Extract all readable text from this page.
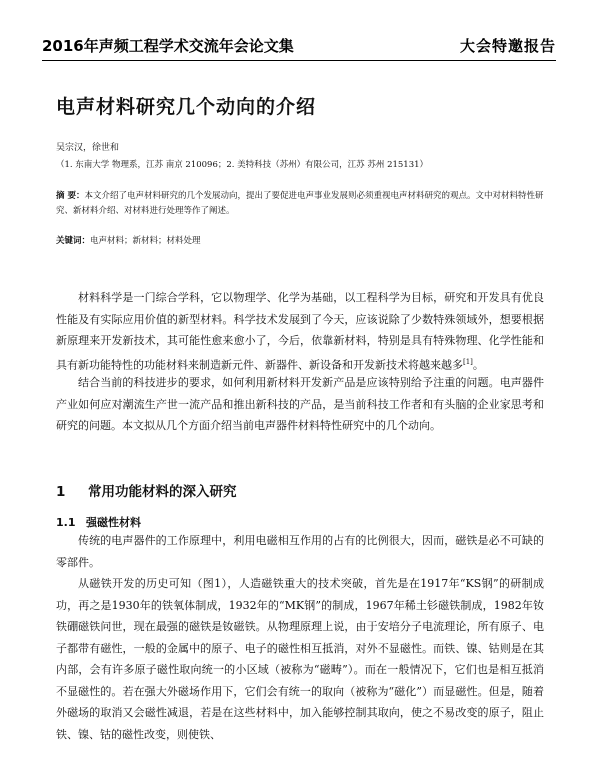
2016年声频工程学术交流年会论文集	大会特邀报告
电声材料研究几个动向的介绍
吴宗汉，徐世和
（1. 东南大学 物理系，江苏 南京 210096；2. 美特科技（苏州）有限公司，江苏 苏州 215131）
摘 要：本文介绍了电声材料研究的几个发展动向，提出了要促进电声事业发展则必须重视电声材料研究的观点。文中对材料特性研究、新材料介绍、对材料进行处理等作了阐述。
关键词：电声材料；新材料；材料处理

材料科学是一门综合学科，它以物理学、化学为基础，以工程科学为目标，研究和开发具有优良性能及有实际应用价值的新型材料。科学技术发展到了今天，应该说除了少数特殊领域外，想要根据新原理来开发新技术，其可能性愈来愈小了，今后，依靠新材料，特别是具有特殊物理、化学性能和具有新功能特性的功能材料来制造新元件、新器件、新设备和开发新技术将越来越多[1]。

结合当前的科技进步的要求，如何利用新材料开发新产品是应该特别给予注重的问题。电声器件产业如何应对潮流生产世一流产品和推出新科技的产品，是当前科技工作者和有头脑的企业家思考和研究的问题。本文拟从几个方面介绍当前电声器件材料特性研究中的几个动向。

1 常用功能材料的深入研究
1.1 强磁性材料

传统的电声器件的工作原理中，利用电磁相互作用的占有的比例很大，因而，磁铁是必不可缺的零部件。

从磁铁开发的历史可知（图1），人造磁铁重大的技术突破，首先是在1917年“KS钢”的研制成功，再之是1930年的铁氧体制成，1932年的“MK钢”的制成，1967年稀土钐磁铁制成，1982年钕铁硼磁铁问世，现在最强的磁铁是钕磁铁。从物理原理上说，由于安培分子电流理论，所有原子、电子都带有磁性，一般的金属中的原子、电子的磁性相互抵消，对外不显磁性。而铁、镍、钴则是在其内部，会有许多原子磁性取向统一的小区域（被称为“磁畴”）。而在一般情况下，它们也是相互抵消不显磁性的。若在强大外磁场作用下，它们会有统一的取向（被称为“磁化”）而显磁性。但是，随着外磁场的取消又会磁性减退，若是在这些材料中，加入能够控制其取向，使之不易改变的原子，阻止铁、镍、钴的磁性改变，则使铁、
